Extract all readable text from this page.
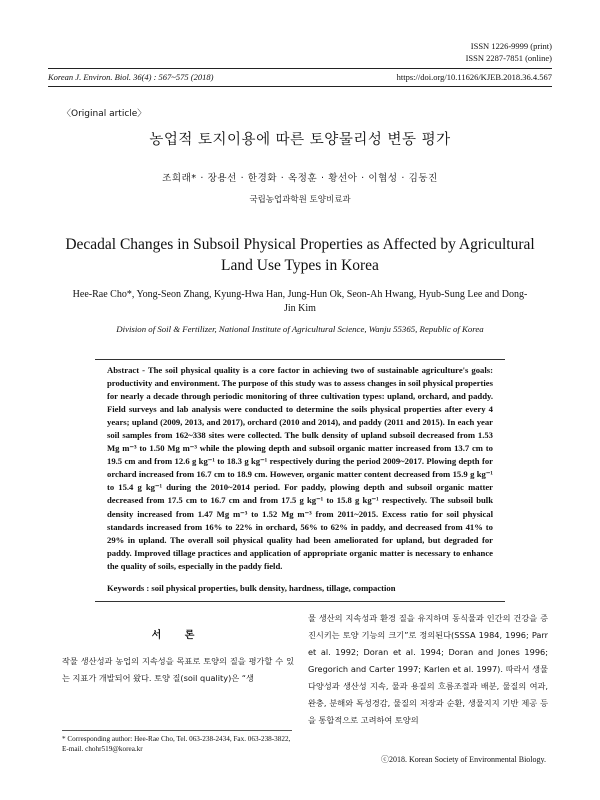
ISSN 1226-9999 (print)
ISSN 2287-7851 (online)
Korean J. Environ. Biol. 36(4) : 567~575 (2018)	https://doi.org/10.11626/KJEB.2018.36.4.567
〈Original article〉
농업적 토지이용에 따른 토양물리성 변동 평가
조희래* · 장용선 · 한경화 · 옥정훈 · 황선아 · 이협성 · 김동진
국립농업과학원 토양비료과
Decadal Changes in Subsoil Physical Properties as Affected by Agricultural Land Use Types in Korea
Hee-Rae Cho*, Yong-Seon Zhang, Kyung-Hwa Han, Jung-Hun Ok, Seon-Ah Hwang, Hyub-Sung Lee and Dong-Jin Kim
Division of Soil & Fertilizer, National Institute of Agricultural Science, Wanju 55365, Republic of Korea

Abstract - The soil physical quality is a core factor in achieving two of sustainable agriculture's goals: productivity and environment. The purpose of this study was to assess changes in soil physical properties for nearly a decade through periodic monitoring of three cultivation types: upland, orchard, and paddy. Field surveys and lab analysis were conducted to determine the soils physical properties after every 4 years; upland (2009, 2013, and 2017), orchard (2010 and 2014), and paddy (2011 and 2015). In each year soil samples from 162~338 sites were collected. The bulk density of upland subsoil decreased from 1.53 Mg m⁻³ to 1.50 Mg m⁻³ while the plowing depth and subsoil organic matter increased from 13.7 cm to 19.5 cm and from 12.6 g kg⁻¹ to 18.3 g kg⁻¹ respectively during the period 2009~2017. Plowing depth for orchard increased from 16.7 cm to 18.9 cm. However, organic matter content decreased from 15.9 g kg⁻¹ to 15.4 g kg⁻¹ during the 2010~2014 period. For paddy, plowing depth and subsoil organic matter decreased from 17.5 cm to 16.7 cm and from 17.5 g kg⁻¹ to 15.8 g kg⁻¹ respectively. The subsoil bulk density increased from 1.47 Mg m⁻³ to 1.52 Mg m⁻³ from 2011~2015. Excess ratio for soil physical standards increased from 16% to 22% in orchard, 56% to 62% in paddy, and decreased from 41% to 29% in upland. The overall soil physical quality had been ameliorated for upland, but degraded for paddy. Improved tillage practices and application of appropriate organic matter is necessary to enhance the quality of soils, especially in the paddy field.

Keywords : soil physical properties, bulk density, hardness, tillage, compaction
서 론

작물 생산성과 농업의 지속성을 목표로 토양의 질을 평가할 수 있는 지표가 개발되어 왔다. 토양 질(soil quality)은 “생

* Corresponding author: Hee-Rae Cho, Tel. 063-238-2434, Fax. 063-238-3822, E-mail. chohr519@korea.kr

물 생산의 지속성과 환경 질을 유지하며 동식물과 인간의 건강을 증진시키는 토양 기능의 크기”로 정의된다(SSSA 1984, 1996; Parr et al. 1992; Doran et al. 1994; Doran and Jones 1996; Gregorich and Carter 1997; Karlen et al. 1997). 따라서 생물 다양성과 생산성 지속, 물과 용질의 흐름조절과 배분, 물질의 여과, 완충, 분해와 독성경감, 물질의 저장과 순환, 생물지지 기반 제공 등을 통합적으로 고려하여 토양의

ⓒ2018. Korean Society of Environmental Biology.
